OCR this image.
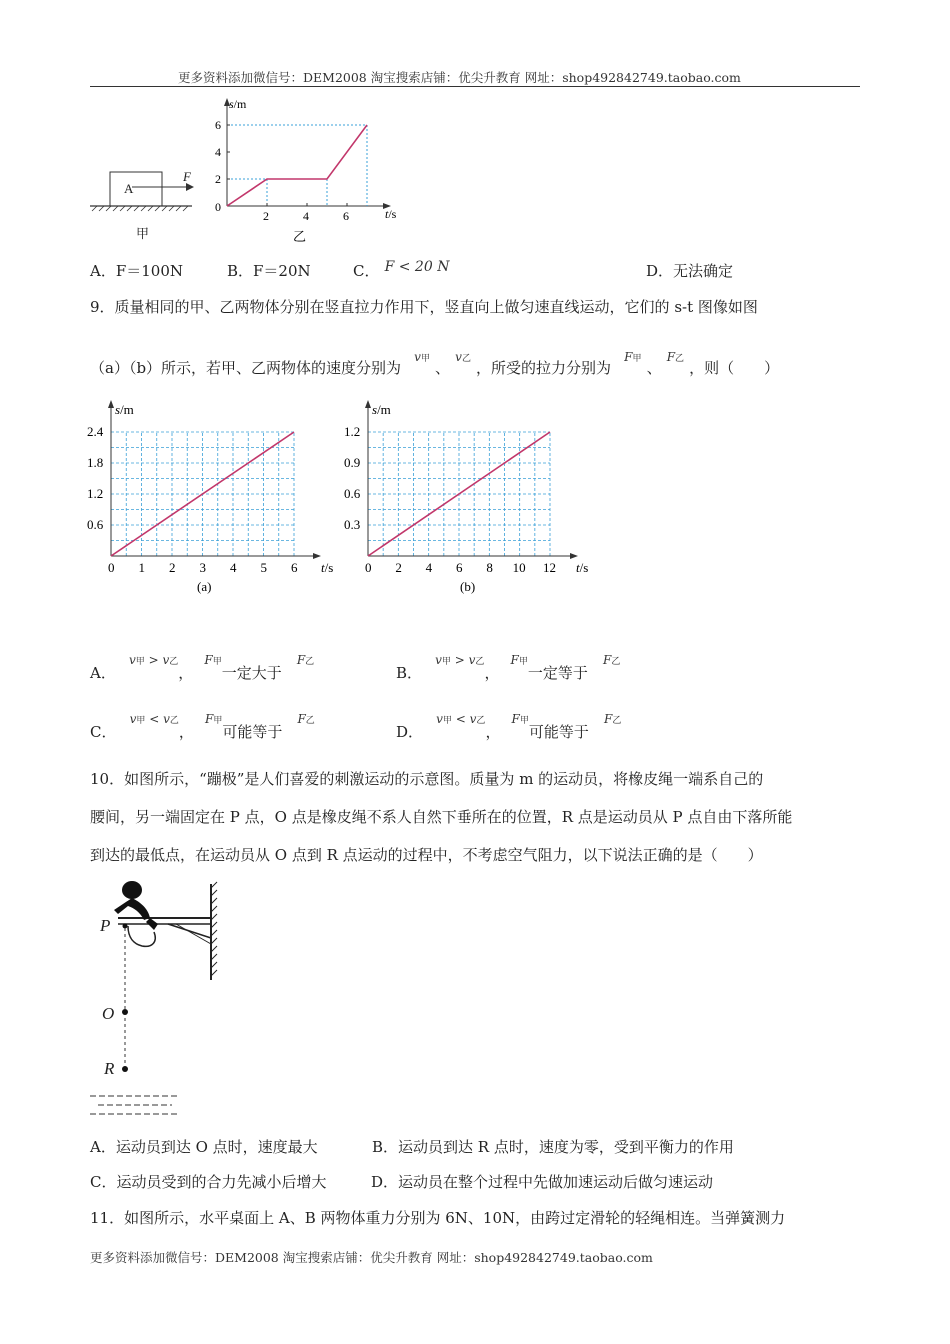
更多资料添加微信号：DEM2008 淘宝搜索店铺：优尖升教育 网址：shop492842749.taobao.com
A
F
甲
s/m
t/s
0
2	4	6
2
4
6
乙
A．F＝100N	B．F＝20N	C． F < 20 N	D．无法确定
9．质量相同的甲、乙两物体分别在竖直拉力作用下，竖直向上做匀速直线运动，它们的 s-t 图像如图
（a）（b）所示，若甲、乙两物体的速度分别为 v甲 、 v乙 ，所受的拉力分别为 F甲 、 F乙 ，则（　　）
s/m
t/s
0 1 2 3 4 5 6
0.6
1.2
1.8
2.4
(a)
s/m
t/s
0 2 4 6 8 10 12
0.3
0.6
0.9
1.2
(b)
A． v甲 > v乙， F甲一定大于 F乙
B． v甲 > v乙， F甲一定等于 F乙
C． v甲 < v乙， F甲可能等于 F乙
D． v甲 < v乙， F甲可能等于 F乙
10．如图所示，“蹦极”是人们喜爱的刺激运动的示意图。质量为 m 的运动员，将橡皮绳一端系自己的
腰间，另一端固定在 P 点，O 点是橡皮绳不系人自然下垂所在的位置，R 点是运动员从 P 点自由下落所能
到达的最低点，在运动员从 O 点到 R 点运动的过程中，不考虑空气阻力，以下说法正确的是（　　）
P
O
R
A．运动员到达 O 点时，速度最大	B．运动员到达 R 点时，速度为零，受到平衡力的作用
C．运动员受到的合力先减小后增大	D．运动员在整个过程中先做加速运动后做匀速运动
11．如图所示，水平桌面上 A、B 两物体重力分别为 6N、10N，由跨过定滑轮的轻绳相连。当弹簧测力
更多资料添加微信号：DEM2008 淘宝搜索店铺：优尖升教育 网址：shop492842749.taobao.com
